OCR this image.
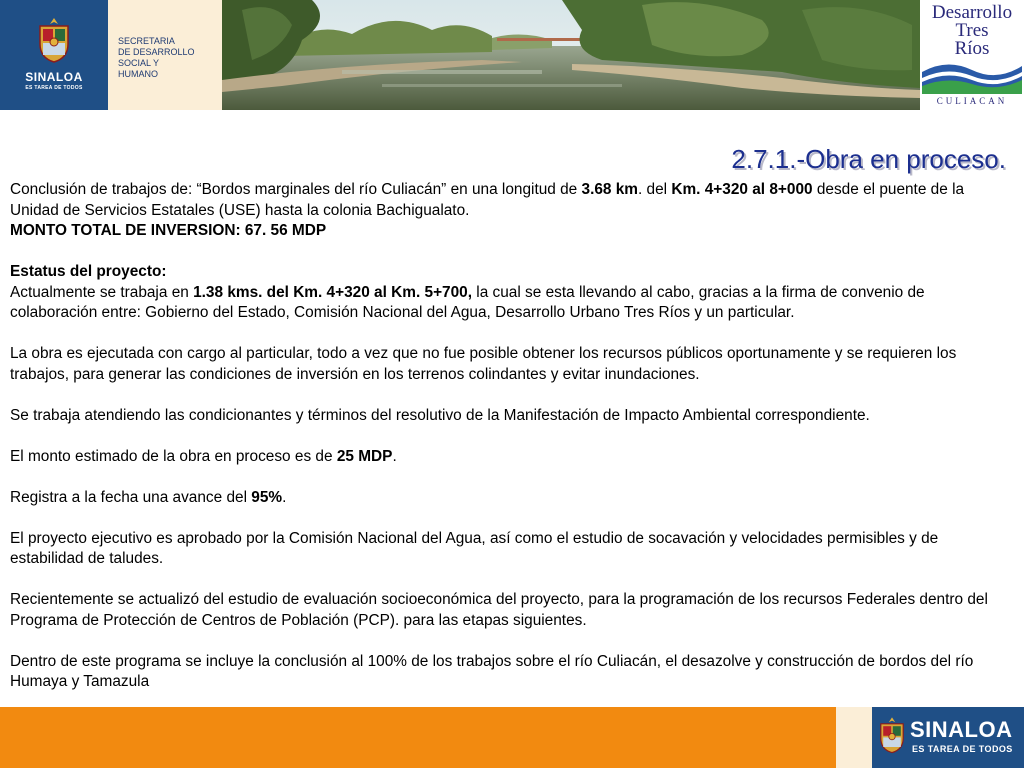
SINALOA
ES TAREA DE TODOS
SECRETARIA
DE DESARROLLO
SOCIAL Y
HUMANO
Desarrollo
Tres
Ríos
CULIACAN
2.7.1.-Obra en proceso.

Conclusión de trabajos de: “Bordos marginales del río Culiacán” en una longitud de 3.68 km. del Km. 4+320 al 8+000 desde el puente de la Unidad de Servicios Estatales (USE) hasta la colonia Bachigualato.

MONTO TOTAL DE INVERSION: 67. 56 MDP

Estatus del proyecto:

Actualmente se trabaja en 1.38 kms. del Km. 4+320 al Km. 5+700, la cual se esta llevando al cabo, gracias a la firma de convenio de colaboración entre: Gobierno del Estado, Comisión Nacional del Agua, Desarrollo Urbano Tres Ríos y un particular.

La obra es ejecutada con cargo al particular, todo a vez que no fue posible obtener los recursos públicos oportunamente y se requieren los trabajos, para generar las condiciones de inversión en los terrenos colindantes y evitar inundaciones.

Se trabaja atendiendo las condicionantes y términos del resolutivo de la Manifestación de Impacto Ambiental correspondiente.

El monto estimado de la obra en proceso es de 25 MDP.

Registra a la fecha una avance del 95%.

El proyecto ejecutivo es aprobado por la Comisión Nacional del Agua, así como el estudio de socavación y velocidades permisibles y de estabilidad de taludes.

Recientemente se actualizó del estudio de evaluación socioeconómica del proyecto, para la programación de los recursos Federales dentro del Programa de Protección de Centros de Población (PCP). para las etapas siguientes.

Dentro de este programa se incluye la conclusión al 100% de los trabajos sobre el río Culiacán, el desazolve y construcción de bordos del río Humaya y Tamazula

SINALOA
ES TAREA DE TODOS
